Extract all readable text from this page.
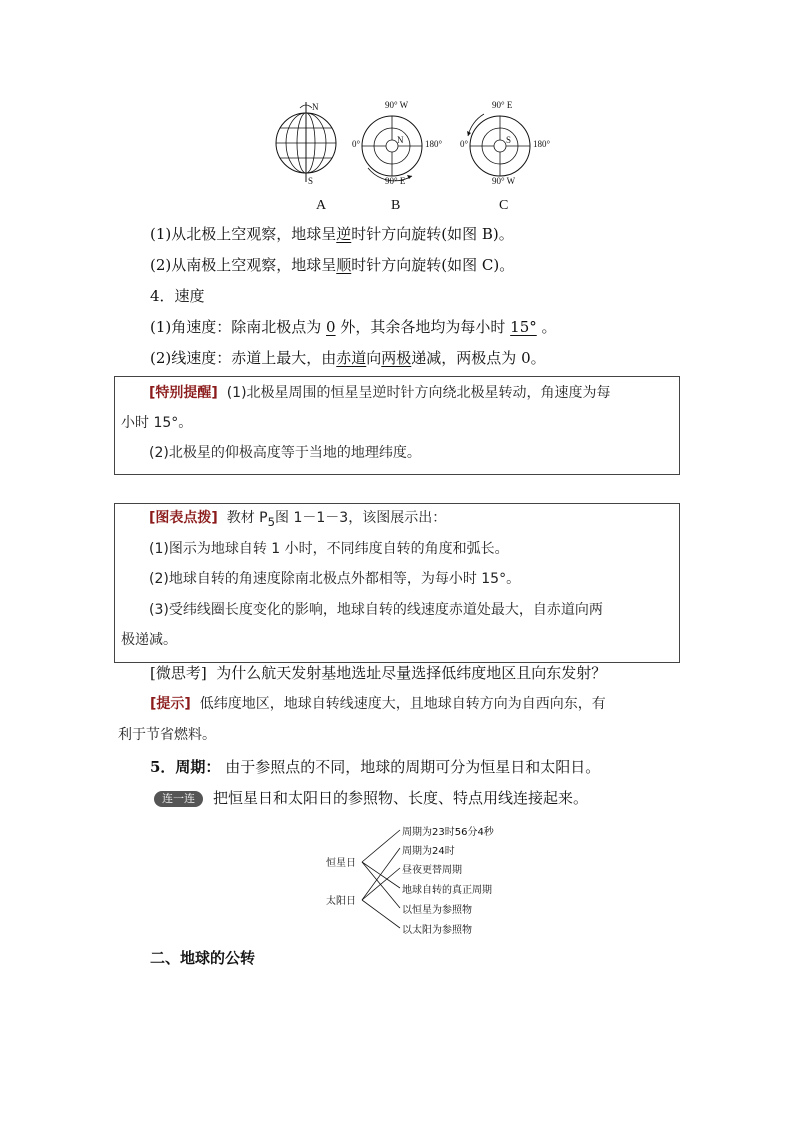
N
S
90° W
90° E
0°	180°
N
90° E
90° W
0°	180°
S
A	B	C
(1)从北极上空观察，地球呈逆时针方向旋转(如图 B)。
(2)从南极上空观察，地球呈顺时针方向旋转(如图 C)。
4．速度
(1)角速度：除南北极点为 0 外，其余各地均为每小时 15° 。
(2)线速度：赤道上最大，由赤道向两极递减，两极点为 0。
[特别提醒] (1)北极星周围的恒星呈逆时针方向绕北极星转动，角速度为每
小时 15°。
(2)北极星的仰极高度等于当地的地理纬度。
[图表点拨] 教材 $P_5$图 1－1－3，该图展示出：
(1)图示为地球自转 1 小时，不同纬度自转的角度和弧长。
(2)地球自转的角速度除南北极点外都相等，为每小时 15°。
(3)受纬线圈长度变化的影响，地球自转的线速度赤道处最大，自赤道向两
极递减。
[微思考] 为什么航天发射基地选址尽量选择低纬度地区且向东发射？
[提示] 低纬度地区，地球自转线速度大，且地球自转方向为自西向东，有
利于节省燃料。
5．周期： 由于参照点的不同，地球的周期可分为恒星日和太阳日。
连一连 把恒星日和太阳日的参照物、长度、特点用线连接起来。
恒星日
太阳日
周期为23时56分4秒
周期为24时
昼夜更替周期
地球自转的真正周期
以恒星为参照物
以太阳为参照物
二、地球的公转
